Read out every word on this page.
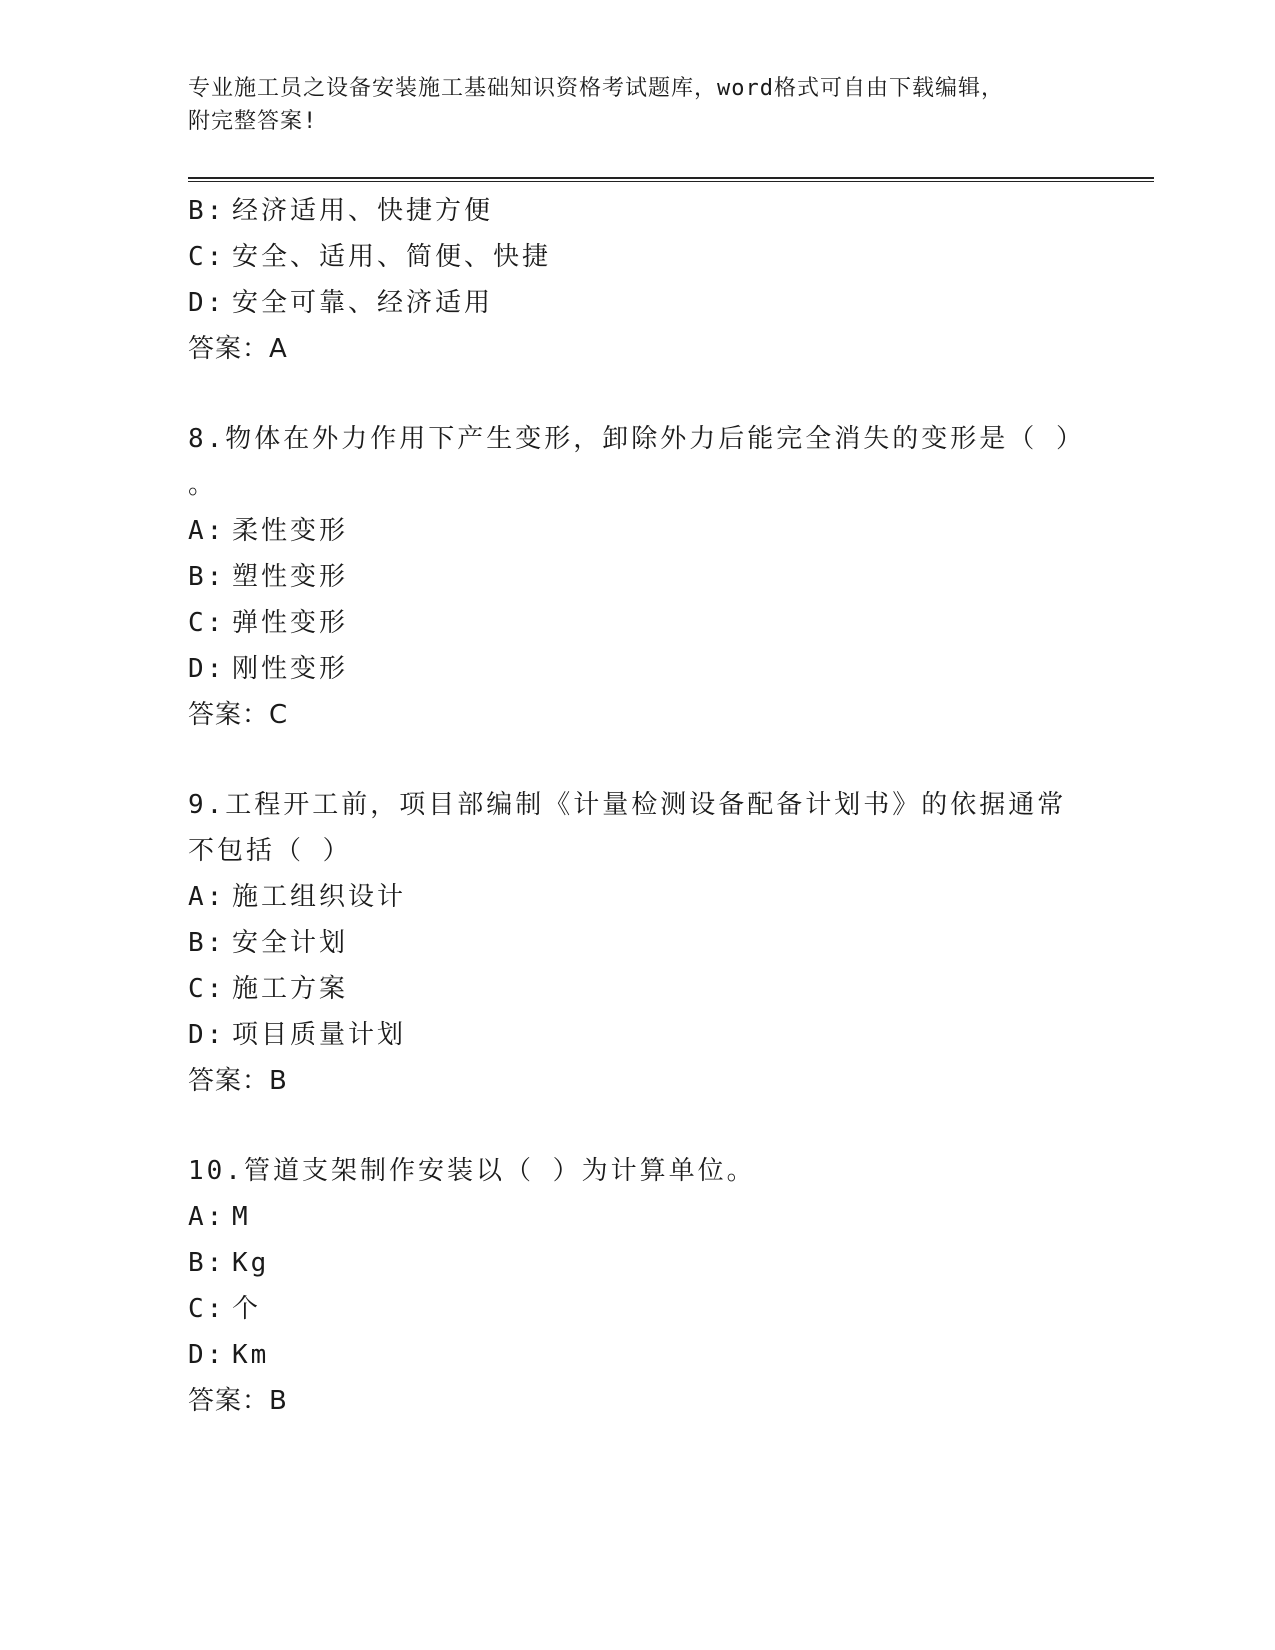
专业施工员之设备安装施工基础知识资格考试题库，word格式可自由下载编辑，
附完整答案!
B: 经济适用、快捷方便
C: 安全、适用、简便、快捷
D: 安全可靠、经济适用
答案：A
8.物体在外力作用下产生变形，卸除外力后能完全消失的变形是（ ）
。
A: 柔性变形
B: 塑性变形
C: 弹性变形
D: 刚性变形
答案：C
9.工程开工前，项目部编制《计量检测设备配备计划书》的依据通常
不包括（ ）
A: 施工组织设计
B: 安全计划
C: 施工方案
D: 项目质量计划
答案：B
10.管道支架制作安装以（ ）为计算单位。
A: M
B: Kg
C: 个
D: Km
答案：B
